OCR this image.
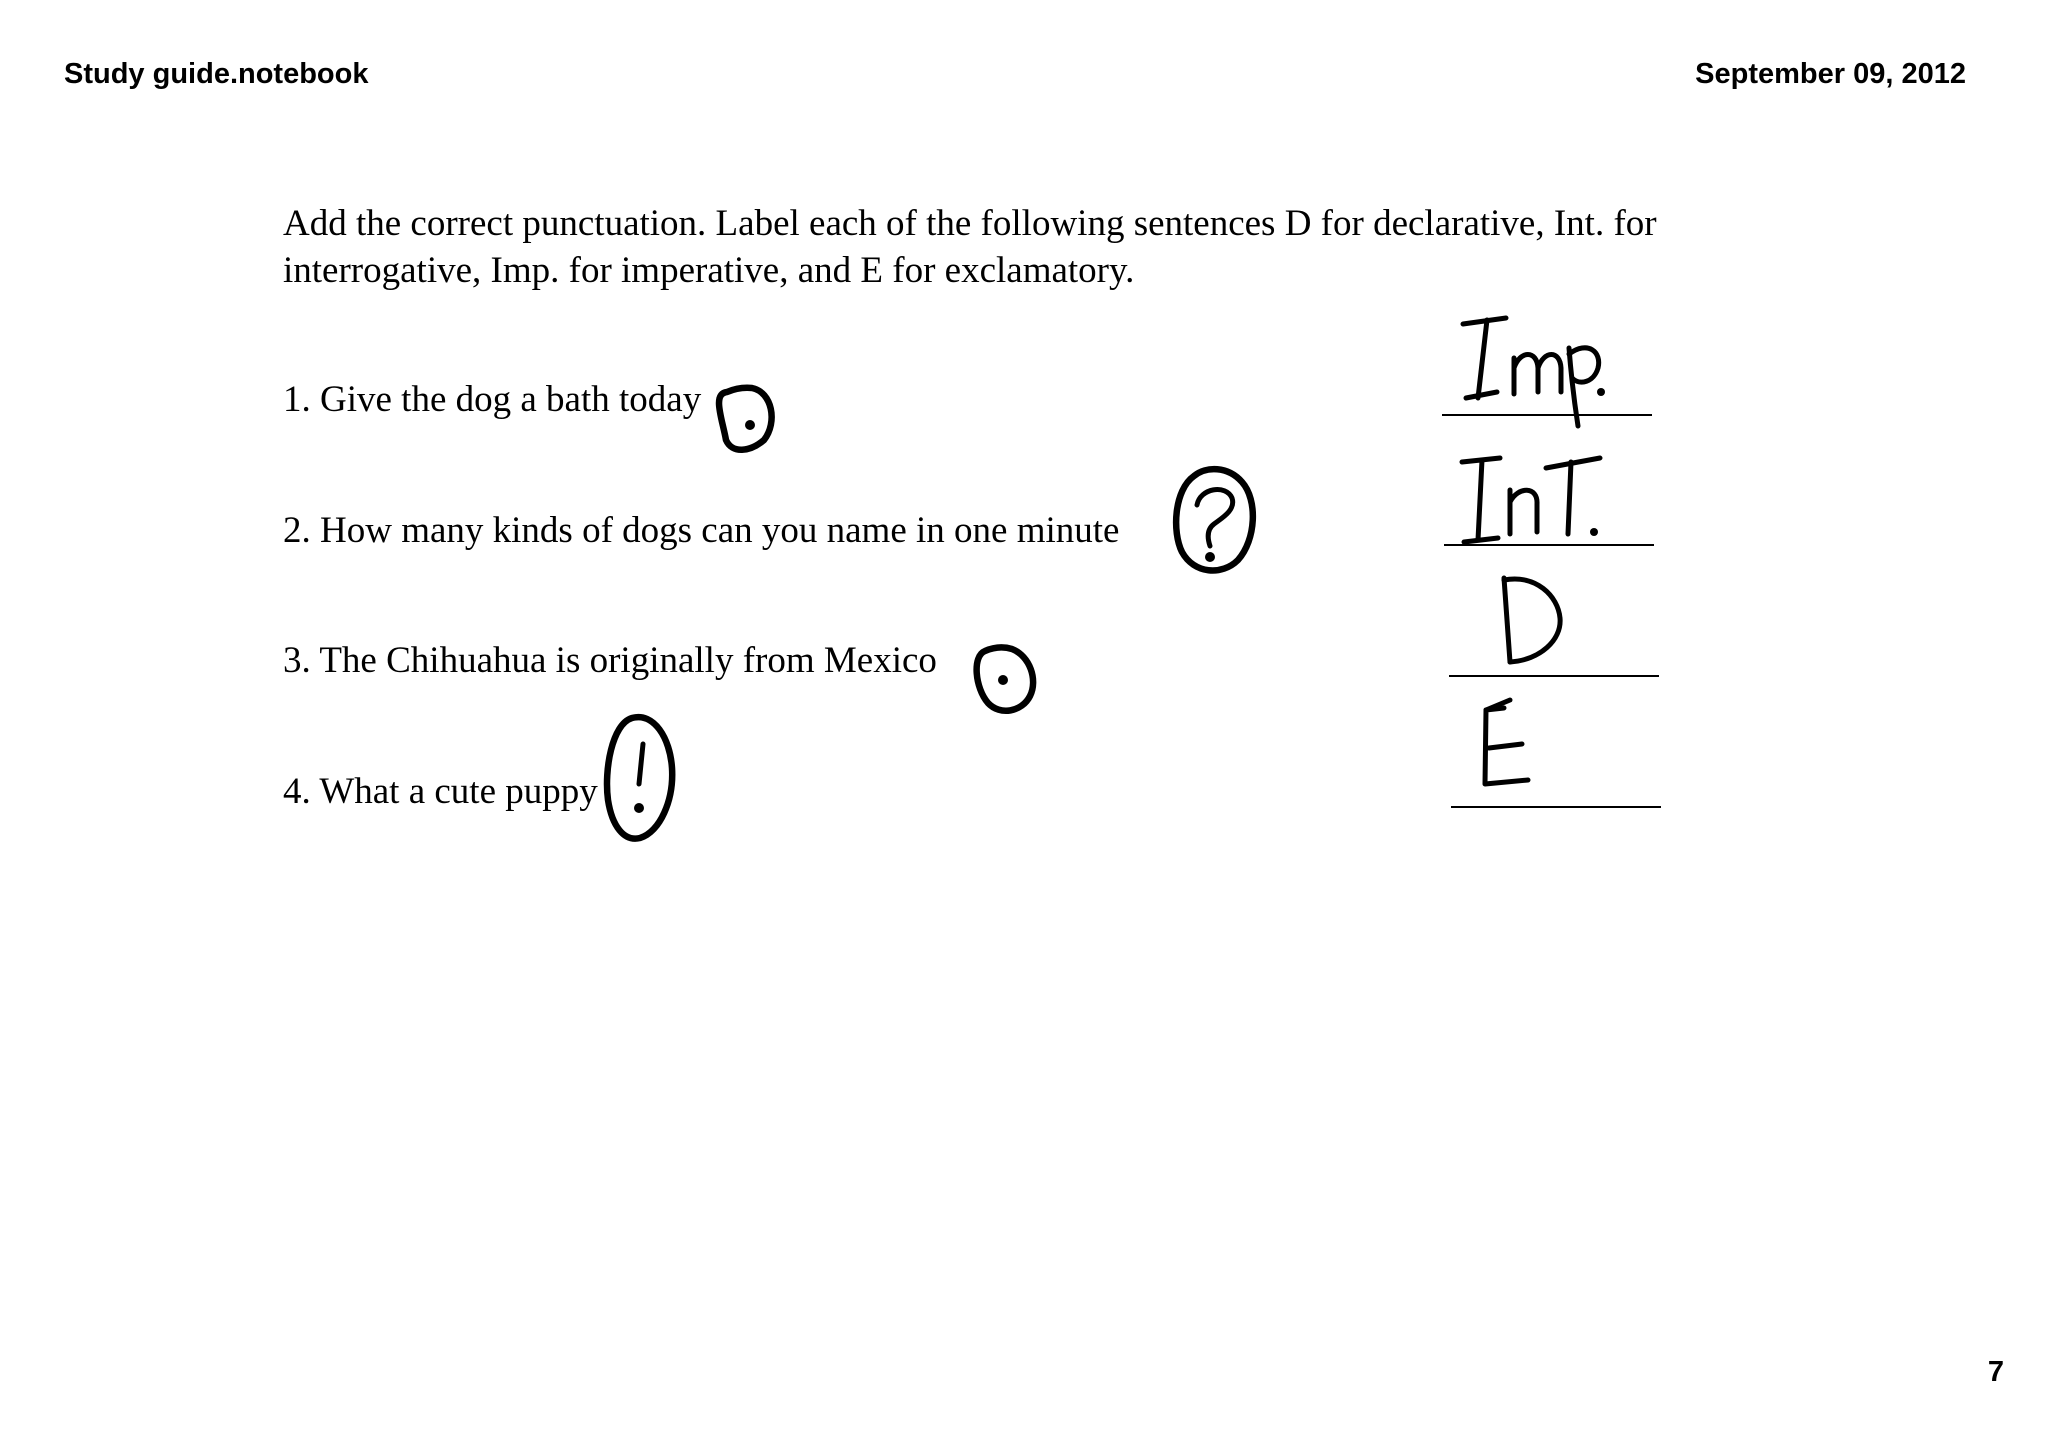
Study guide.notebook	September 09, 2012
Add the correct punctuation. Label each of the following sentences D for declarative, Int. for interrogative, Imp. for imperative, and E for exclamatory.
1. Give the dog a bath today
2. How many kinds of dogs can you name in one minute
3. The Chihuahua is originally from Mexico
4. What a cute puppy
7
